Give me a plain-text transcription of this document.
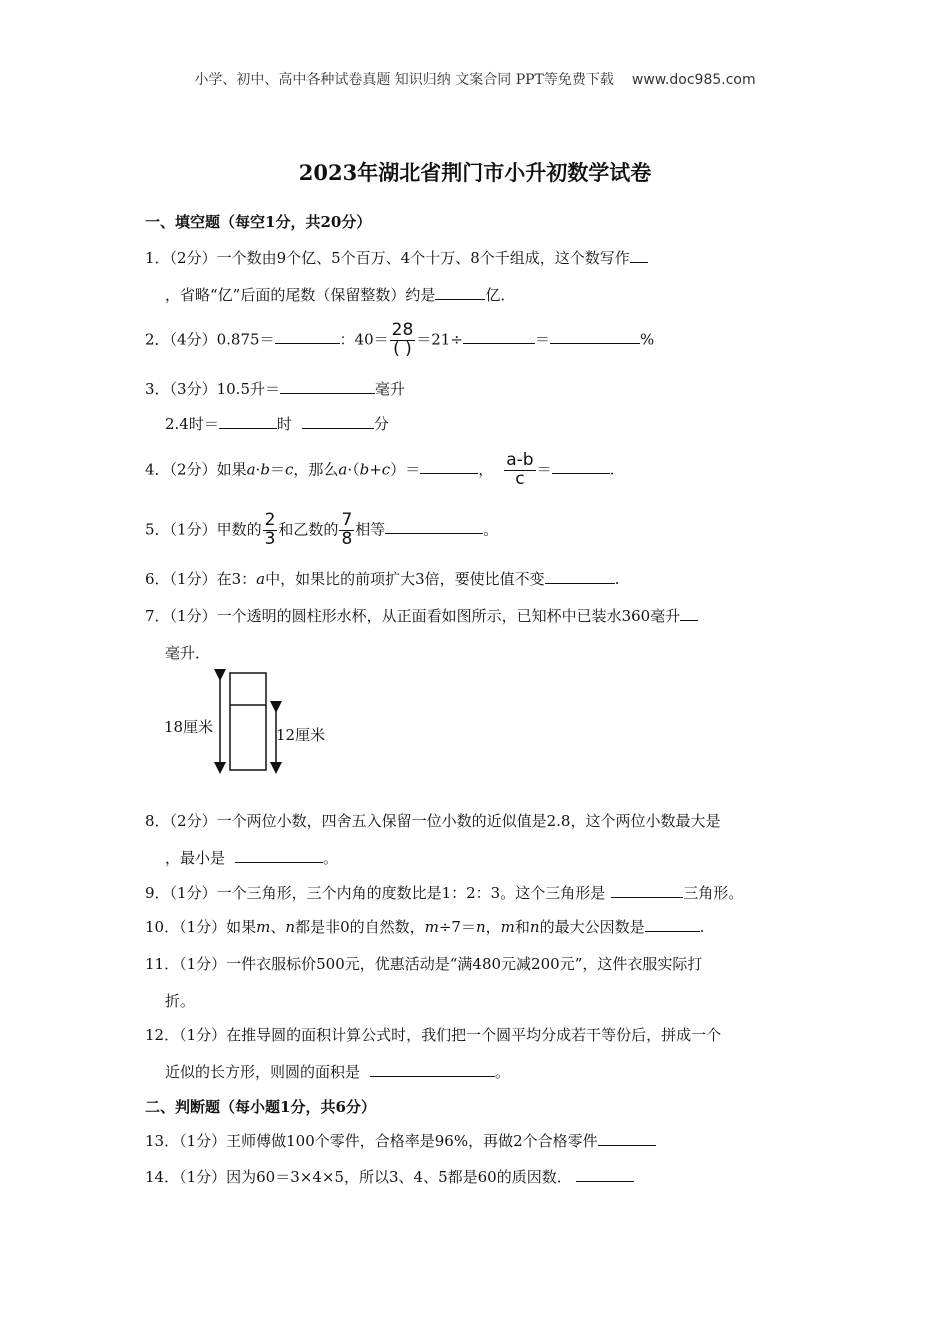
小学、初中、高中各种试卷真题 知识归纳 文案合同 PPT等免费下载 www.doc985.com
2023年湖北省荆门市小升初数学试卷
一、填空题（每空1分，共20分）
1．（2分）一个数由9个亿、5个百万、4个十万、8个千组成，这个数写作
，省略“亿”后面的尾数（保留整数）约是	亿．
2．（4分）0.875＝	：$40= \frac{28}{( )} =21\div$	＝	%
3．（3分）10.5升＝	毫升
2.4时＝	时	分
4．（2分）如果a·b＝c，那么a·（b+c）＝	， $\frac{a-b}{c}$ ＝	.
5．（1分）甲数的 $\frac{2}{3}$ 和乙数的 $\frac{7}{8}$ 相等	。
6．（1分）在3：a中，如果比的前项扩大3倍，要使比值不变	.
7．（1分）一个透明的圆柱形水杯，从正面看如图所示，已知杯中已装水360毫升
毫升．
18厘米	12厘米
8．（2分）一个两位小数，四舍五入保留一位小数的近似值是2.8，这个两位小数最大是
，最小是	。
9．（1分）一个三角形，三个内角的度数比是1：2：3。这个三角形是	三角形。
10．（1分）如果m、n都是非0的自然数，m÷7＝n，m和n的最大公因数是	.
11．（1分）一件衣服标价500元，优惠活动是“满480元减200元”，这件衣服实际打
折。
12．（1分）在推导圆的面积计算公式时，我们把一个圆平均分成若干等份后，拼成一个
近似的长方形，则圆的面积是	。
二、判断题（每小题1分，共6分）
13．（1分）王师傅做100个零件，合格率是96%，再做2个合格零件
14．（1分）因为60＝3×4×5，所以3、4、5都是60的质因数．
